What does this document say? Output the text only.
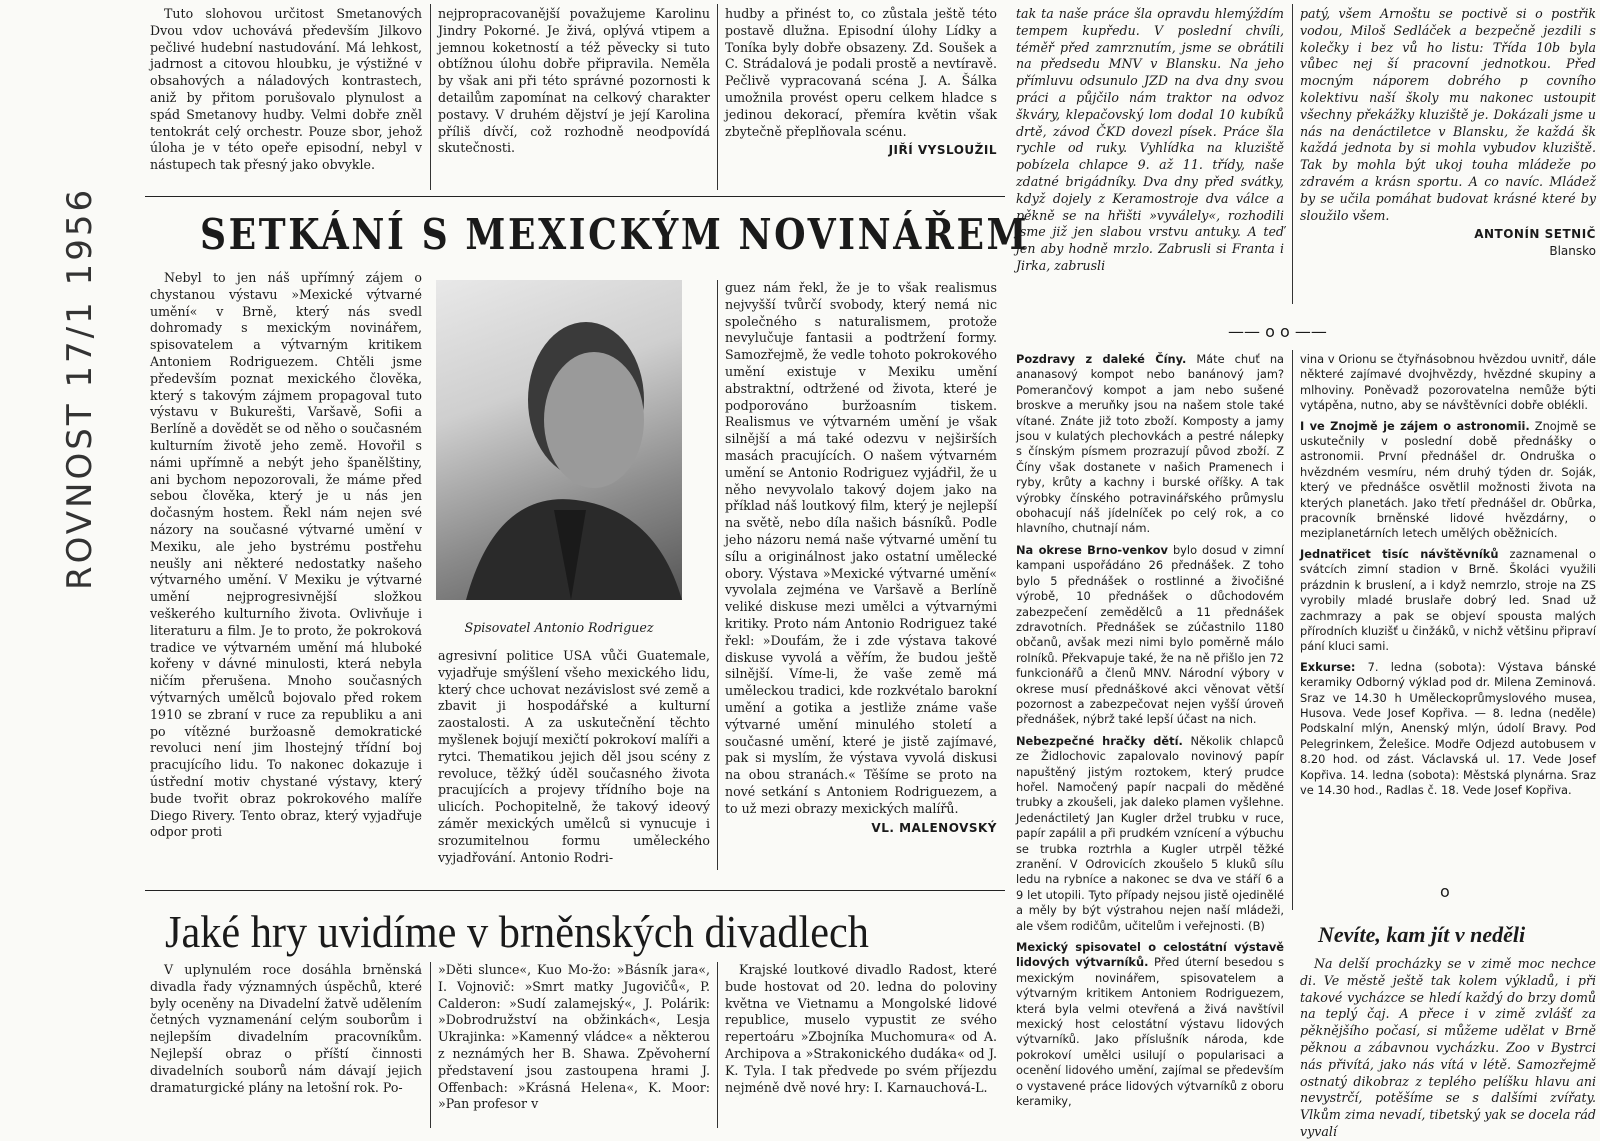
ROVNOST 17/1 1956

Tuto slohovou určitost Smetanových Dvou vdov uchovává především Jilkovo pečlivé hudební nastudování. Má lehkost, jadrnost a citovou hloubku, je výstižné v obsahových a náladových kontrastech, aniž by přitom porušovalo plynulost a spád Smetanovy hudby. Velmi dobře zněl tentokrát celý orchestr. Pouze sbor, jehož úloha je v této opeře episodní, nebyl v nástupech tak přesný jako obvykle.

nejpropracovanější považujeme Karolinu Jindry Pokorné. Je živá, oplývá vtipem a jemnou koketností a též pěvecky si tuto obtížnou úlohu dobře připravila. Neměla by však ani při této správné pozornosti k detailům zapomínat na celkový charakter postavy. V druhém dějství je její Karolina příliš dívčí, což rozhodně neodpovídá skutečnosti.

hudby a přinést to, co zůstala ještě této postavě dlužna. Episodní úlohy Lídky a Toníka byly dobře obsazeny. Zd. Soušek a C. Strádalová je podali prostě a nevtíravě. Pečlivě vypracovaná scéna J. A. Šálka umožnila provést operu celkem hladce s jedinou dekorací, přemíra květin však zbytečně přeplňovala scénu.

JIŘÍ VYSLOUŽIL
SETKÁNÍ S MEXICKÝM NOVINÁŘEM

Nebyl to jen náš upřímný zájem o chystanou výstavu »Mexické výtvarné umění« v Brně, který nás svedl dohromady s mexickým novinářem, spisovatelem a výtvarným kritikem Antoniem Rodriguezem. Chtěli jsme především poznat mexického člověka, který s takovým zájmem propagoval tuto výstavu v Bukurešti, Varšavě, Sofii a Berlíně a dovědět se od něho o současném kulturním životě jeho země. Hovořil s námi upřímně a nebýt jeho španělštiny, ani bychom nepozorovali, že máme před sebou člověka, který je u nás jen dočasným hostem. Řekl nám nejen své názory na současné výtvarné umění v Mexiku, ale jeho bystrému postřehu neušly ani některé nedostatky našeho výtvarného umění. V Mexiku je výtvarné umění nejprogresivnější složkou veškerého kulturního života. Ovlivňuje i literaturu a film. Je to proto, že pokroková tradice ve výtvarném umění má hluboké kořeny v dávné minulosti, která nebyla ničím přerušena. Mnoho současných výtvarných umělců bojovalo před rokem 1910 se zbraní v ruce za republiku a ani po vítězné buržoasně demokratické revoluci není jim lhostejný třídní boj pracujícího lidu. To nakonec dokazuje i ústřední motiv chystané výstavy, který bude tvořit obraz pokrokového malíře Diego Rivery. Tento obraz, který vyjadřuje odpor proti

Spisovatel Antonio Rodriguez

agresivní politice USA vůči Guatemale, vyjadřuje smýšlení všeho mexického lidu, který chce uchovat nezávislost své země a zbavit ji hospodářské a kulturní zaostalosti. A za uskutečnění těchto myšlenek bojují mexičtí pokrokoví malíři a rytci. Thematikou jejich děl jsou scény z revoluce, těžký úděl současného života pracujících a projevy třídního boje na ulicích. Pochopitelně, že takový ideový záměr mexických umělců si vynucuje i srozumitelnou formu uměleckého vyjadřování. Antonio Rodri-

guez nám řekl, že je to však realismus nejvyšší tvůrčí svobody, který nemá nic společného s naturalismem, protože nevylučuje fantasii a podtržení formy. Samozřejmě, že vedle tohoto pokrokového umění existuje v Mexiku umění abstraktní, odtržené od života, které je podporováno buržoasním tiskem. Realismus ve výtvarném umění je však silnější a má také odezvu v nejširších masách pracujících. O našem výtvarném umění se Antonio Rodriguez vyjádřil, že u něho nevyvolalo takový dojem jako na příklad náš loutkový film, který je nejlepší na světě, nebo díla našich básníků. Podle jeho názoru nemá naše výtvarné umění tu sílu a originálnost jako ostatní umělecké obory. Výstava »Mexické výtvarné umění« vyvolala zejména ve Varšavě a Berlíně veliké diskuse mezi umělci a výtvarnými kritiky. Proto nám Antonio Rodriguez také řekl: »Doufám, že i zde výstava takové diskuse vyvolá a věřím, že budou ještě silnější. Víme-li, že vaše země má uměleckou tradici, kde rozkvétalo barokní umění a gotika a jestliže známe vaše výtvarné umění minulého století a současné umění, které je jistě zajímavé, pak si myslím, že výstava vyvolá diskusi na obou stranách.« Těšíme se proto na nové setkání s Antoniem Rodriguezem, a to už mezi obrazy mexických malířů.

VL. MALENOVSKÝ
Jaké hry uvidíme v brněnských divadlech

V uplynulém roce dosáhla brněnská divadla řady významných úspěchů, které byly oceněny na Divadelní žatvě udělením četných vyznamenání celým souborům i nejlepším divadelním pracovníkům. Nejlepší obraz o příští činnosti divadelních souborů nám dávají jejich dramaturgické plány na letošní rok. Po-

»Děti slunce«, Kuo Mo-žo: »Básník jara«, I. Vojnovič: »Smrt matky Jugovičů«, P. Calderon: »Sudí zalamejský«, J. Polárik: »Dobrodružství na obžinkách«, Lesja Ukrajinka: »Kamenný vládce« a některou z neznámých her B. Shawa. Zpěvoherní představení jsou zastoupena hrami J. Offenbach: »Krásná Helena«, K. Moor: »Pan profesor v

Krajské loutkové divadlo Radost, které bude hostovat od 20. ledna do poloviny května ve Vietnamu a Mongolské lidové republice, muselo vypustit ze svého repertoáru »Zbojníka Muchomura« od A. Archipova a »Strakonického dudáka« od J. K. Tyla. I tak předvede po svém příjezdu nejméně dvě nové hry: I. Karnauchová-L.

tak ta naše práce šla opravdu hlemýždím tempem kupředu. V poslední chvíli, téměř před zamrznutím, jsme se obrátili na předsedu MNV v Blansku. Na jeho přímluvu odsunulo JZD na dva dny svou práci a půjčilo nám traktor na odvoz škváry, klepačovský lom dodal 10 kubíků drtě, závod ČKD dovezl písek. Práce šla rychle od ruky. Vyhlídka na kluziště pobízela chlapce 9. až 11. třídy, naše zdatné brigádníky. Dva dny před svátky, když dojely z Keramostroje dva válce a pěkně se na hřišti »vyválely«, rozhodili jsme již jen slabou vrstvu antuky. A teď jen aby hodně mrzlo. Zabrusli si Franta i Jirka, zabrusli

patý, všem Arnoštu se poctivě si o postřik vodou, Miloš Sedláček a bezpečně jezdili s kolečky i bez vů ho listu: Třída 10b byla vůbec nej ší pracovní jednotkou. Před mocným náporem dobrého p covního kolektivu naší školy mu nakonec ustoupit všechny překážky kluziště je. Dokázali jsme u nás na denáctiletce v Blansku, že každá šk každá jednota by si mohla vybudov kluziště. Tak by mohla být ukoj touha mládeže po zdravém a krásn sportu. A co navíc. Mládež by se učila pomáhat budovat krásné které by sloužilo všem.

ANTONÍN SETNIČ
Blansko
—— o o ——

Pozdravy z daleké Číny. Máte chuť na ananasový kompot nebo banánový jam? Pomerančový kompot a jam nebo sušené broskve a meruňky jsou na našem stole také vítané. Znáte již toto zboží. Komposty a jamy jsou v kulatých plechovkách a pestré nálepky s čínským písmem prozrazují původ zboží. Z Číny však dostanete v našich Pramenech i ryby, krůty a kachny i burské oříšky. A tak výrobky čínského potravinářského průmyslu obohacují náš jídelníček po celý rok, a co hlavního, chutnají nám.

Na okrese Brno-venkov bylo dosud v zimní kampani uspořádáno 26 přednášek. Z toho bylo 5 přednášek o rostlinné a živočišné výrobě, 10 přednášek o důchodovém zabezpečení zemědělců a 11 přednášek zdravotních. Přednášek se zúčastnilo 1180 občanů, avšak mezi nimi bylo poměrně málo rolníků. Překvapuje také, že na ně přišlo jen 72 funkcionářů a členů MNV. Národní výbory v okrese musí přednáškové akci věnovat větší pozornost a zabezpečovat nejen vyšší úroveň přednášek, nýbrž také lepší účast na nich.

Nebezpečné hračky dětí. Několik chlapců ze Židlochovic zapalovalo novinový papír napuštěný jistým roztokem, který prudce hořel. Namočený papír nacpali do měděné trubky a zkoušeli, jak daleko plamen vyšlehne. Jedenáctiletý Jan Kugler držel trubku v ruce, papír zapálil a při prudkém vznícení a výbuchu se trubka roztrhla a Kugler utrpěl těžké zranění. V Odrovicích zkoušelo 5 kluků sílu ledu na rybníce a nakonec se dva ve stáří 6 a 9 let utopili. Tyto případy nejsou jistě ojedinělé a měly by být výstrahou nejen naší mládeži, ale všem rodičům, učitelům i veřejnosti. (B)

Mexický spisovatel o celostátní výstavě lidových výtvarníků. Před úterní besedou s mexickým novinářem, spisovatelem a výtvarným kritikem Antoniem Rodriguezem, která byla velmi otevřená a živá navštívil mexický host celostátní výstavu lidových výtvarníků. Jako příslušník národa, kde pokrokoví umělci usilují o popularisaci a ocenění lidového umění, zajímal se především o vystavené práce lidových výtvarníků z oboru keramiky,

vina v Orionu se čtyřnásobnou hvězdou uvnitř, dále některé zajímavé dvojhvězdy, hvězdné skupiny a mlhoviny. Poněvadž pozorovatelna nemůže býti vytápěna, nutno, aby se návštěvníci dobře oblékli.

I ve Znojmě je zájem o astronomii. Znojmě se uskutečnily v poslední době přednášky o astronomii. První přednášel dr. Ondruška o hvězdném vesmíru, ném druhý týden dr. Soják, který ve přednášce osvětlil možnosti života na kterých planetách. Jako třetí přednášel dr. Obůrka, pracovník brněnské lidové hvězdárny, o meziplanetárních letech umělých oběžnicích.

Jednatřicet tisíc návštěvníků zaznamenal o svátcích zimní stadion v Brně. Školáci využili prázdnin k bruslení, a i když nemrzlo, stroje na ZS vyrobily mladé bruslaře dobrý led. Snad už zachmrazy a pak se objeví spousta malých přírodních kluzišť u činžáků, v nichž většinu připraví pání kluci sami.

Exkurse: 7. ledna (sobota): Výstava bánské keramiky Odborný výklad pod dr. Milena Zeminová. Sraz ve 14.30 h Uměleckoprůmyslového musea, Husova. Vede Josef Kopřiva. — 8. ledna (neděle) Podskalní mlýn, Anenský mlýn, údolí Bravy. Pod Pelegrinkem, Želešice. Modře Odjezd autobusem v 8.20 hod. od zást. Václavská ul. 17. Vede Josef Kopřiva. 14. ledna (sobota): Městská plynárna. Sraz ve 14.30 hod., Radlas č. 18. Vede Josef Kopřiva.

o
Nevíte, kam jít v neděli

Na delší procházky se v zimě moc nechce di. Ve městě ještě tak kolem výkladů, i při takové vycházce se hledí každý do brzy domů na teplý čaj. A přece i v zimě zvlášť za pěknějšího počasí, si můžeme udělat v Brně pěknou a zábavnou vycházku. Zoo v Bystrci nás přivítá, jako nás vítá v létě. Samozřejmě ostnatý dikobraz z teplého pelíšku hlavu ani nevystrčí, potěšíme se s dalšími zvířaty. Vlkům zima nevadí, tibetský yak se docela rád vyvalí
